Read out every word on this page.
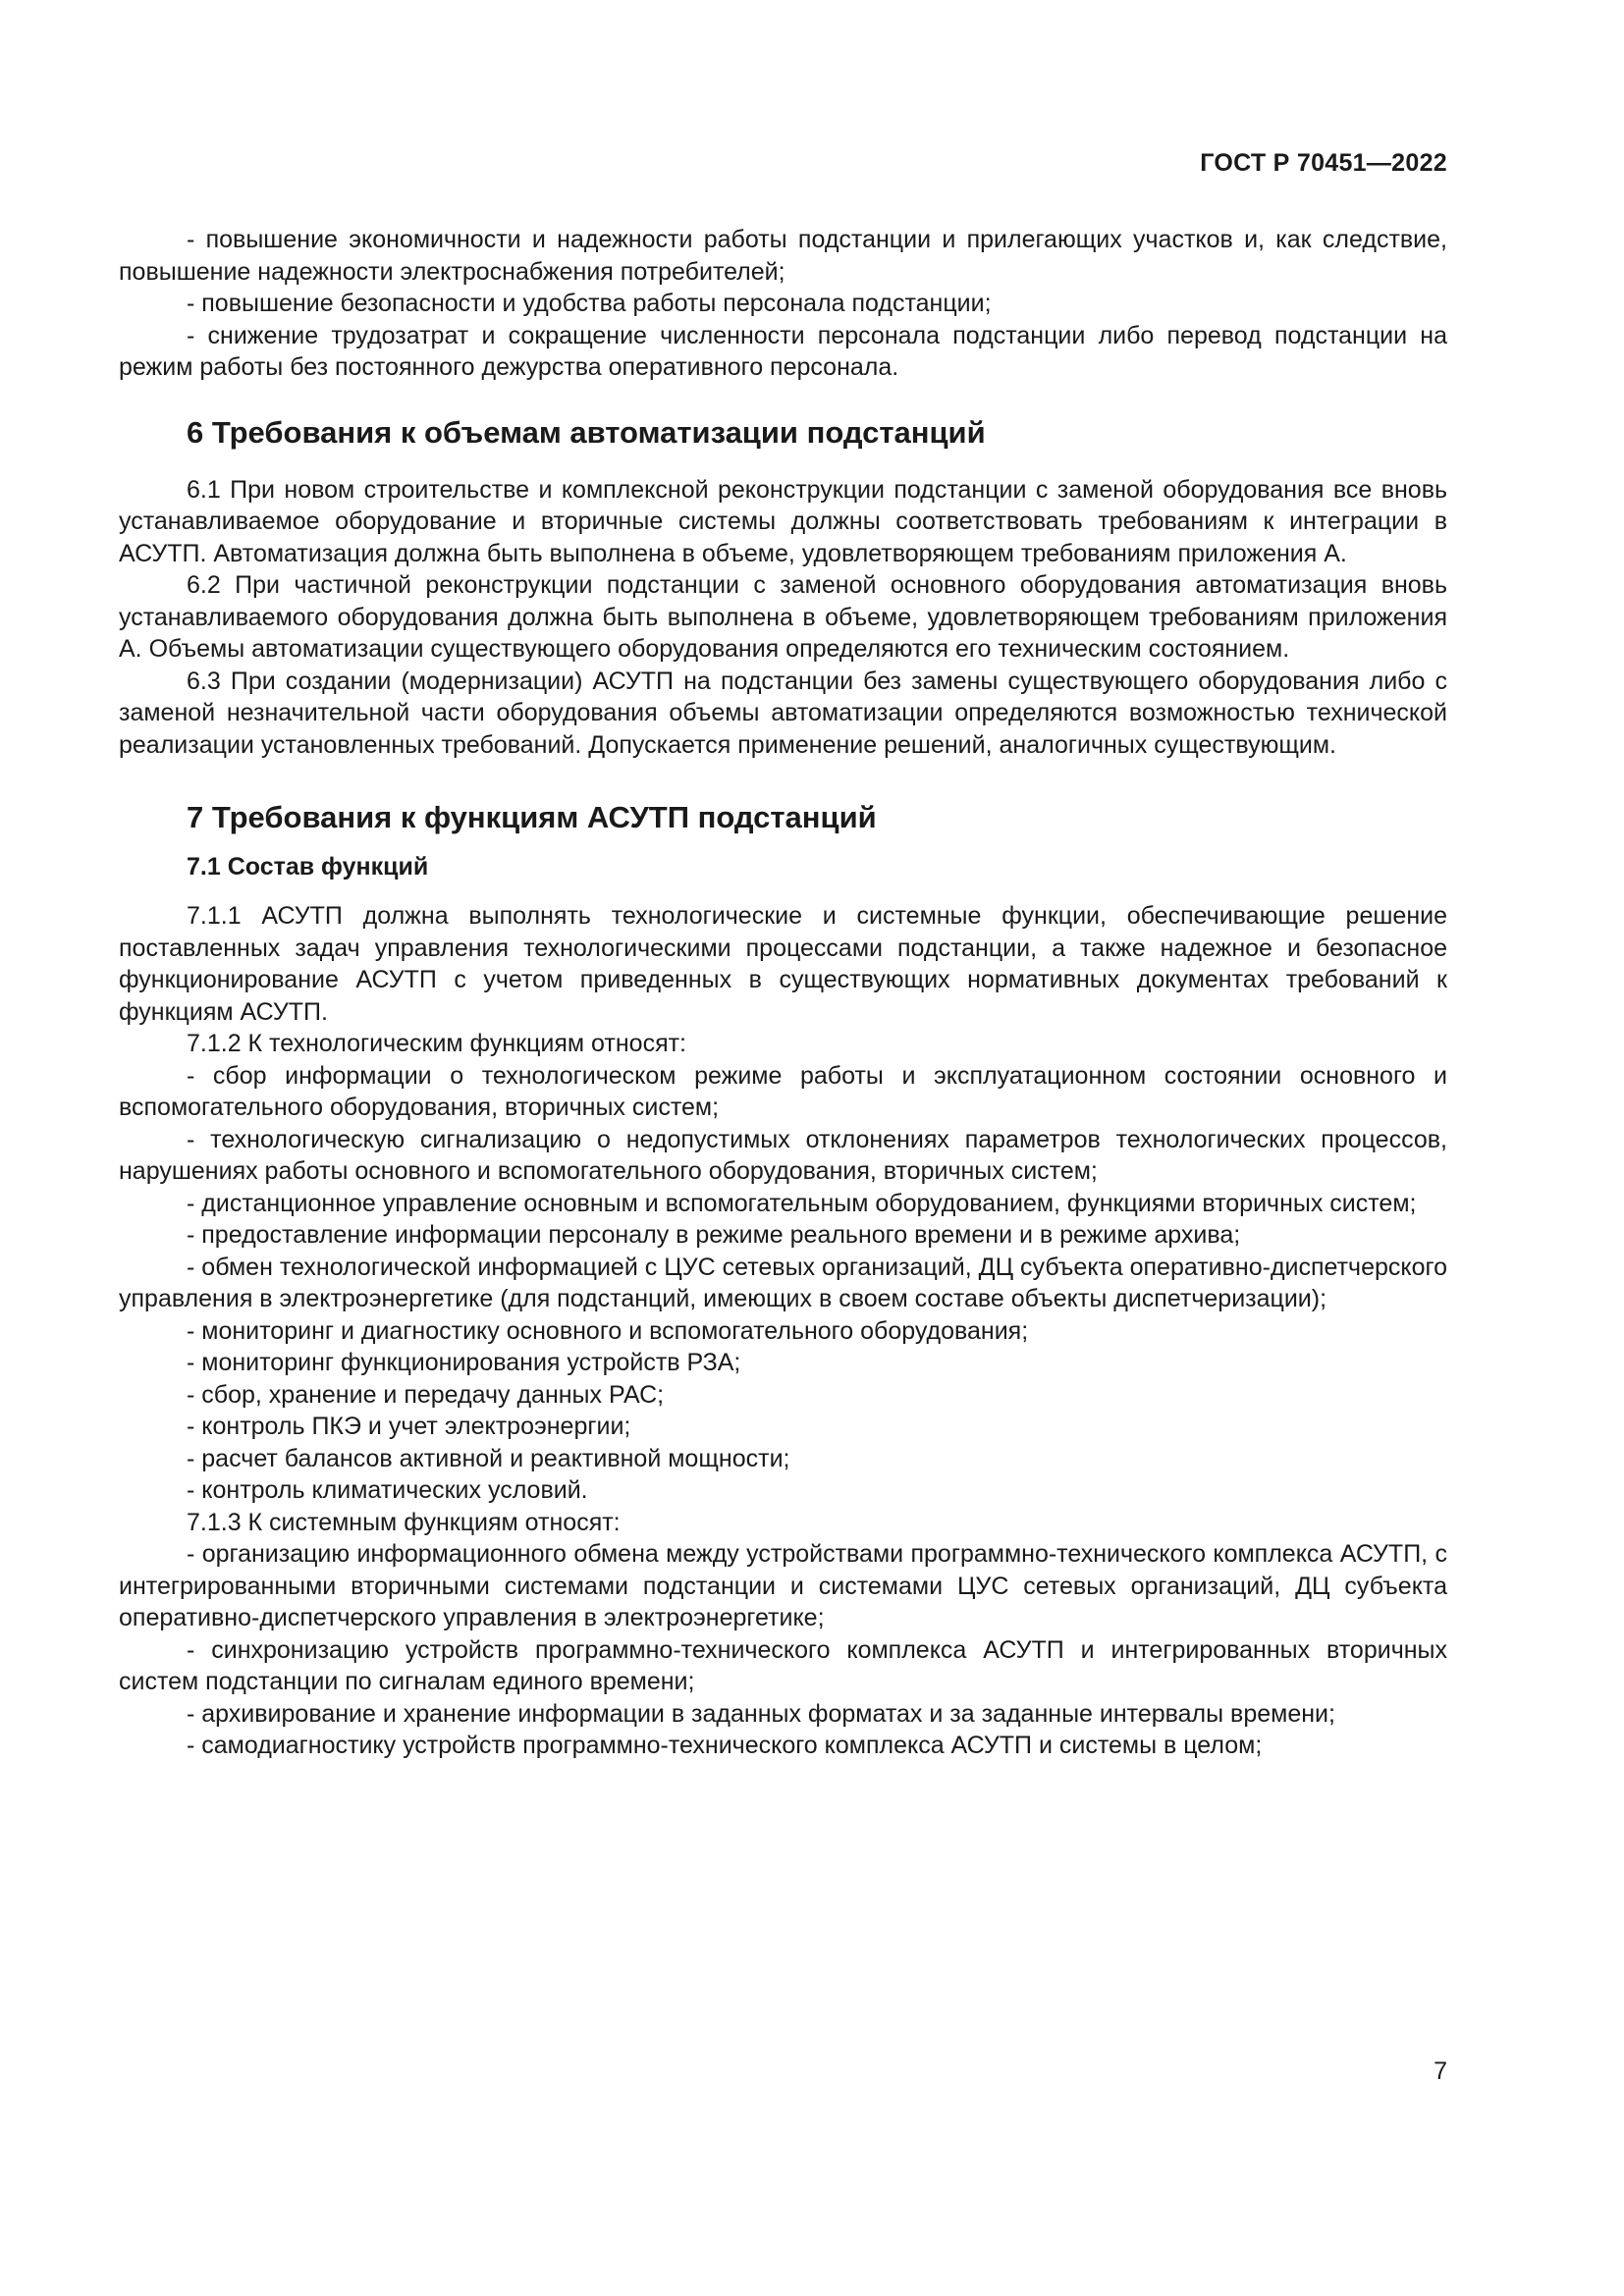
ГОСТ Р 70451—2022

- повышение экономичности и надежности работы подстанции и прилегающих участков и, как следствие, повышение надежности электроснабжения потребителей;

- повышение безопасности и удобства работы персонала подстанции;

- снижение трудозатрат и сокращение численности персонала подстанции либо перевод подстанции на режим работы без постоянного дежурства оперативного персонала.

6 Требования к объемам автоматизации подстанций

6.1 При новом строительстве и комплексной реконструкции подстанции с заменой оборудования все вновь устанавливаемое оборудование и вторичные системы должны соответствовать требованиям к интеграции в АСУТП. Автоматизация должна быть выполнена в объеме, удовлетворяющем требованиям приложения А.

6.2 При частичной реконструкции подстанции с заменой основного оборудования автоматизация вновь устанавливаемого оборудования должна быть выполнена в объеме, удовлетворяющем требованиям приложения А. Объемы автоматизации существующего оборудования определяются его техническим состоянием.

6.3 При создании (модернизации) АСУТП на подстанции без замены существующего оборудования либо с заменой незначительной части оборудования объемы автоматизации определяются возможностью технической реализации установленных требований. Допускается применение решений, аналогичных существующим.

7 Требования к функциям АСУТП подстанций
7.1 Состав функций

7.1.1 АСУТП должна выполнять технологические и системные функции, обеспечивающие решение поставленных задач управления технологическими процессами подстанции, а также надежное и безопасное функционирование АСУТП с учетом приведенных в существующих нормативных документах требований к функциям АСУТП.

7.1.2 К технологическим функциям относят:

- сбор информации о технологическом режиме работы и эксплуатационном состоянии основного и вспомогательного оборудования, вторичных систем;

- технологическую сигнализацию о недопустимых отклонениях параметров технологических процессов, нарушениях работы основного и вспомогательного оборудования, вторичных систем;

- дистанционное управление основным и вспомогательным оборудованием, функциями вторичных систем;

- предоставление информации персоналу в режиме реального времени и в режиме архива;

- обмен технологической информацией с ЦУС сетевых организаций, ДЦ субъекта оперативно-диспетчерского управления в электроэнергетике (для подстанций, имеющих в своем составе объекты диспетчеризации);

- мониторинг и диагностику основного и вспомогательного оборудования;

- мониторинг функционирования устройств РЗА;

- сбор, хранение и передачу данных РАС;

- контроль ПКЭ и учет электроэнергии;

- расчет балансов активной и реактивной мощности;

- контроль климатических условий.

7.1.3 К системным функциям относят:

- организацию информационного обмена между устройствами программно-технического комплекса АСУТП, с интегрированными вторичными системами подстанции и системами ЦУС сетевых организаций, ДЦ субъекта оперативно-диспетчерского управления в электроэнергетике;

- синхронизацию устройств программно-технического комплекса АСУТП и интегрированных вторичных систем подстанции по сигналам единого времени;

- архивирование и хранение информации в заданных форматах и за заданные интервалы времени;

- самодиагностику устройств программно-технического комплекса АСУТП и системы в целом;

7
